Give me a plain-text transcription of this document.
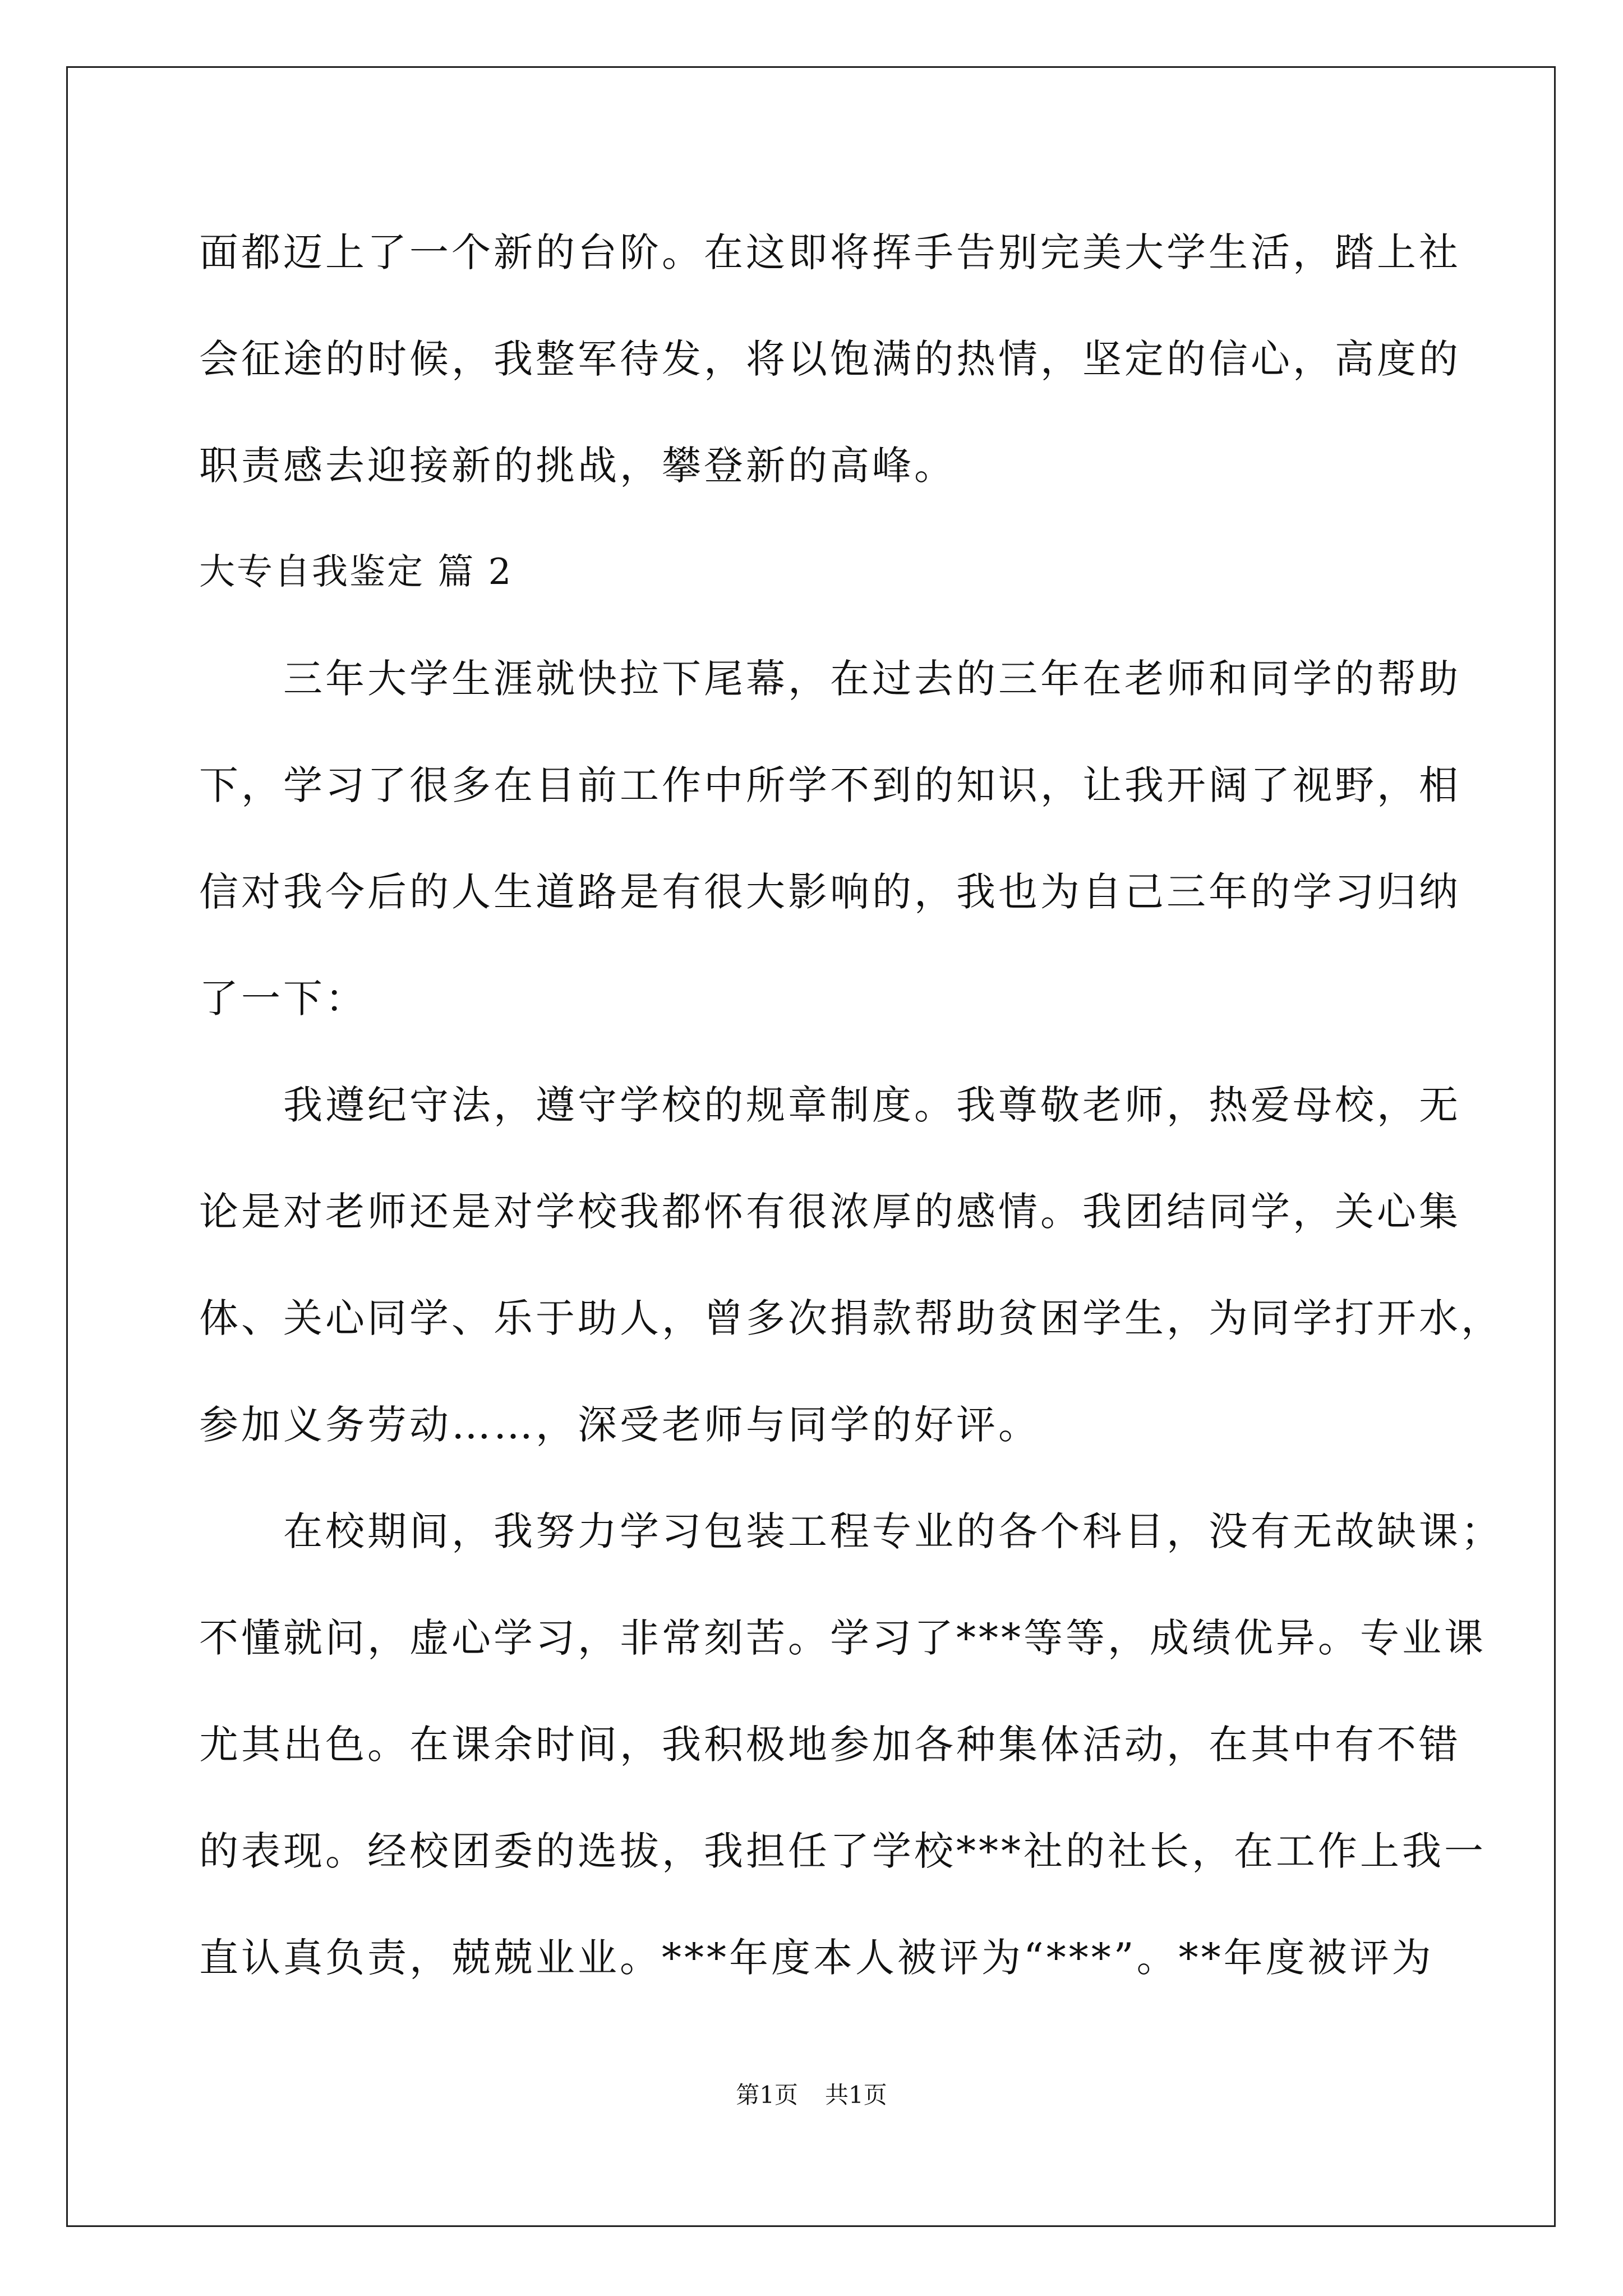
面都迈上了一个新的台阶。在这即将挥手告别完美大学生活，踏上社
会征途的时候，我整军待发，将以饱满的热情，坚定的信心，高度的
职责感去迎接新的挑战，攀登新的高峰。
大专自我鉴定 篇 2
三年大学生涯就快拉下尾幕，在过去的三年在老师和同学的帮助
下，学习了很多在目前工作中所学不到的知识，让我开阔了视野，相
信对我今后的人生道路是有很大影响的，我也为自己三年的学习归纳
了一下：
我遵纪守法，遵守学校的规章制度。我尊敬老师，热爱母校，无
论是对老师还是对学校我都怀有很浓厚的感情。我团结同学，关心集
体、关心同学、乐于助人，曾多次捐款帮助贫困学生，为同学打开水，
参加义务劳动……，深受老师与同学的好评。
在校期间，我努力学习包装工程专业的各个科目，没有无故缺课；
不懂就问，虚心学习，非常刻苦。学习了***等等，成绩优异。专业课
尤其出色。在课余时间，我积极地参加各种集体活动，在其中有不错
的表现。经校团委的选拔，我担任了学校***社的社长，在工作上我一
直认真负责，兢兢业业。***年度本人被评为“***”。**年度被评为
第1页 共1页
